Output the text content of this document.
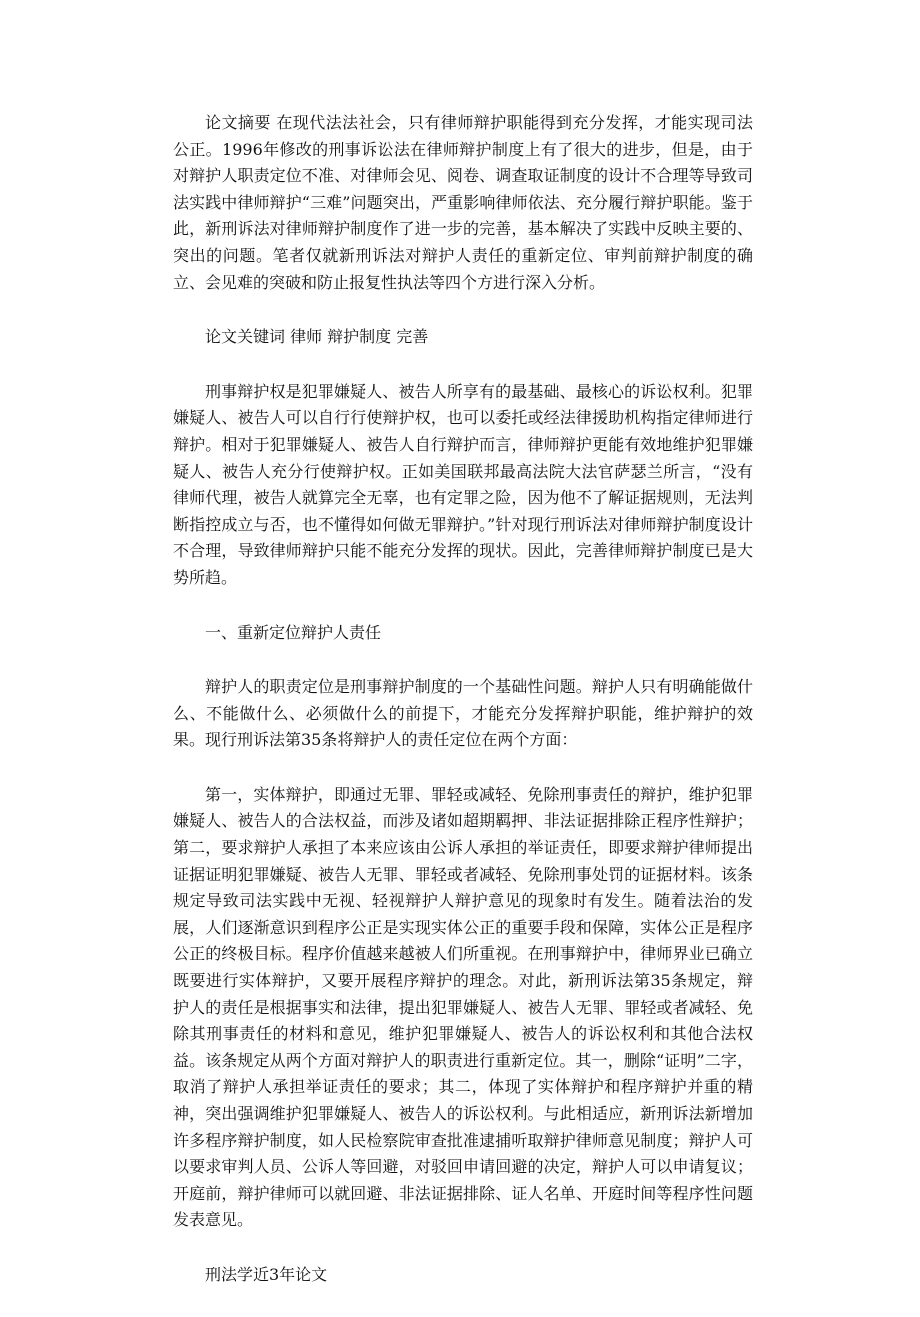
论文摘要 在现代法法社会，只有律师辩护职能得到充分发挥，才能实现司法公正。1996年修改的刑事诉讼法在律师辩护制度上有了很大的进步，但是，由于对辩护人职责定位不准、对律师会见、阅卷、调查取证制度的设计不合理等导致司法实践中律师辩护“三难”问题突出，严重影响律师依法、充分履行辩护职能。鉴于此，新刑诉法对律师辩护制度作了进一步的完善，基本解决了实践中反映主要的、突出的问题。笔者仅就新刑诉法对辩护人责任的重新定位、审判前辩护制度的确立、会见难的突破和防止报复性执法等四个方进行深入分析。

论文关键词 律师 辩护制度 完善

刑事辩护权是犯罪嫌疑人、被告人所享有的最基础、最核心的诉讼权利。犯罪嫌疑人、被告人可以自行行使辩护权，也可以委托或经法律援助机构指定律师进行辩护。相对于犯罪嫌疑人、被告人自行辩护而言，律师辩护更能有效地维护犯罪嫌疑人、被告人充分行使辩护权。正如美国联邦最高法院大法官萨瑟兰所言，“没有律师代理，被告人就算完全无辜，也有定罪之险，因为他不了解证据规则，无法判断指控成立与否，也不懂得如何做无罪辩护。”针对现行刑诉法对律师辩护制度设计不合理，导致律师辩护只能不能充分发挥的现状。因此，完善律师辩护制度已是大势所趋。

一、重新定位辩护人责任

辩护人的职责定位是刑事辩护制度的一个基础性问题。辩护人只有明确能做什么、不能做什么、必须做什么的前提下，才能充分发挥辩护职能，维护辩护的效果。现行刑诉法第35条将辩护人的责任定位在两个方面：

第一，实体辩护，即通过无罪、罪轻或减轻、免除刑事责任的辩护，维护犯罪嫌疑人、被告人的合法权益，而涉及诸如超期羁押、非法证据排除正程序性辩护；第二，要求辩护人承担了本来应该由公诉人承担的举证责任，即要求辩护律师提出证据证明犯罪嫌疑、被告人无罪、罪轻或者减轻、免除刑事处罚的证据材料。该条规定导致司法实践中无视、轻视辩护人辩护意见的现象时有发生。随着法治的发展，人们逐渐意识到程序公正是实现实体公正的重要手段和保障，实体公正是程序公正的终极目标。程序价值越来越被人们所重视。在刑事辩护中，律师界业已确立既要进行实体辩护，又要开展程序辩护的理念。对此，新刑诉法第35条规定，辩护人的责任是根据事实和法律，提出犯罪嫌疑人、被告人无罪、罪轻或者减轻、免除其刑事责任的材料和意见，维护犯罪嫌疑人、被告人的诉讼权利和其他合法权益。该条规定从两个方面对辩护人的职责进行重新定位。其一，删除“证明”二字，取消了辩护人承担举证责任的要求；其二，体现了实体辩护和程序辩护并重的精神，突出强调维护犯罪嫌疑人、被告人的诉讼权利。与此相适应，新刑诉法新增加许多程序辩护制度，如人民检察院审查批准逮捕听取辩护律师意见制度；辩护人可以要求审判人员、公诉人等回避，对驳回申请回避的决定，辩护人可以申请复议；开庭前，辩护律师可以就回避、非法证据排除、证人名单、开庭时间等程序性问题发表意见。

刑法学近3年论文
